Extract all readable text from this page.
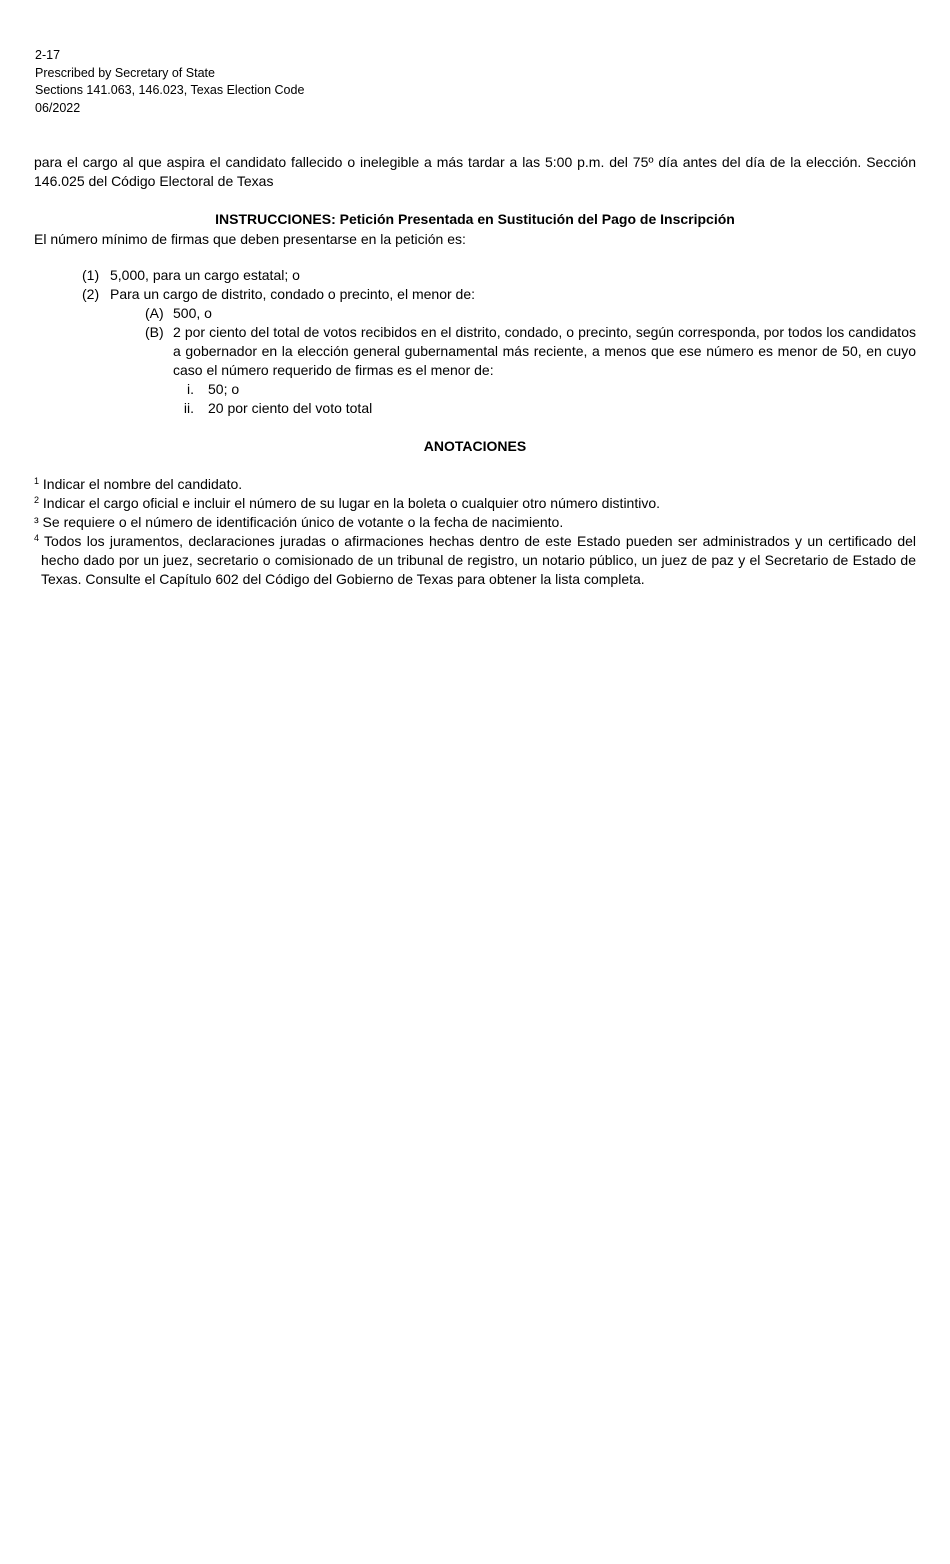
2-17
Prescribed by Secretary of State
Sections 141.063, 146.023, Texas Election Code
06/2022
para el cargo al que aspira el candidato fallecido o inelegible a más tardar a las 5:00 p.m. del 75º día antes del día de la elección. Sección 146.025 del Código Electoral de Texas
INSTRUCCIONES: Petición Presentada en Sustitución del Pago de Inscripción
El número mínimo de firmas que deben presentarse en la petición es:
(1) 5,000, para un cargo estatal; o
(2) Para un cargo de distrito, condado o precinto, el menor de:
(A) 500, o
(B) 2 por ciento del total de votos recibidos en el distrito, condado, o precinto, según corresponda, por todos los candidatos a gobernador en la elección general gubernamental más reciente, a menos que ese número es menor de 50, en cuyo caso el número requerido de firmas es el menor de:
i.	50; o
ii.	20 por ciento del voto total
ANOTACIONES
$^1$ Indicar el nombre del candidato.
$^2$ Indicar el cargo oficial e incluir el número de su lugar en la boleta o cualquier otro número distintivo.
³ Se requiere o el número de identificación único de votante o la fecha de nacimiento.
$^4$ Todos los juramentos, declaraciones juradas o afirmaciones hechas dentro de este Estado pueden ser administrados y un certificado del hecho dado por un juez, secretario o comisionado de un tribunal de registro, un notario público, un juez de paz y el Secretario de Estado de Texas. Consulte el Capítulo 602 del Código del Gobierno de Texas para obtener la lista completa.
